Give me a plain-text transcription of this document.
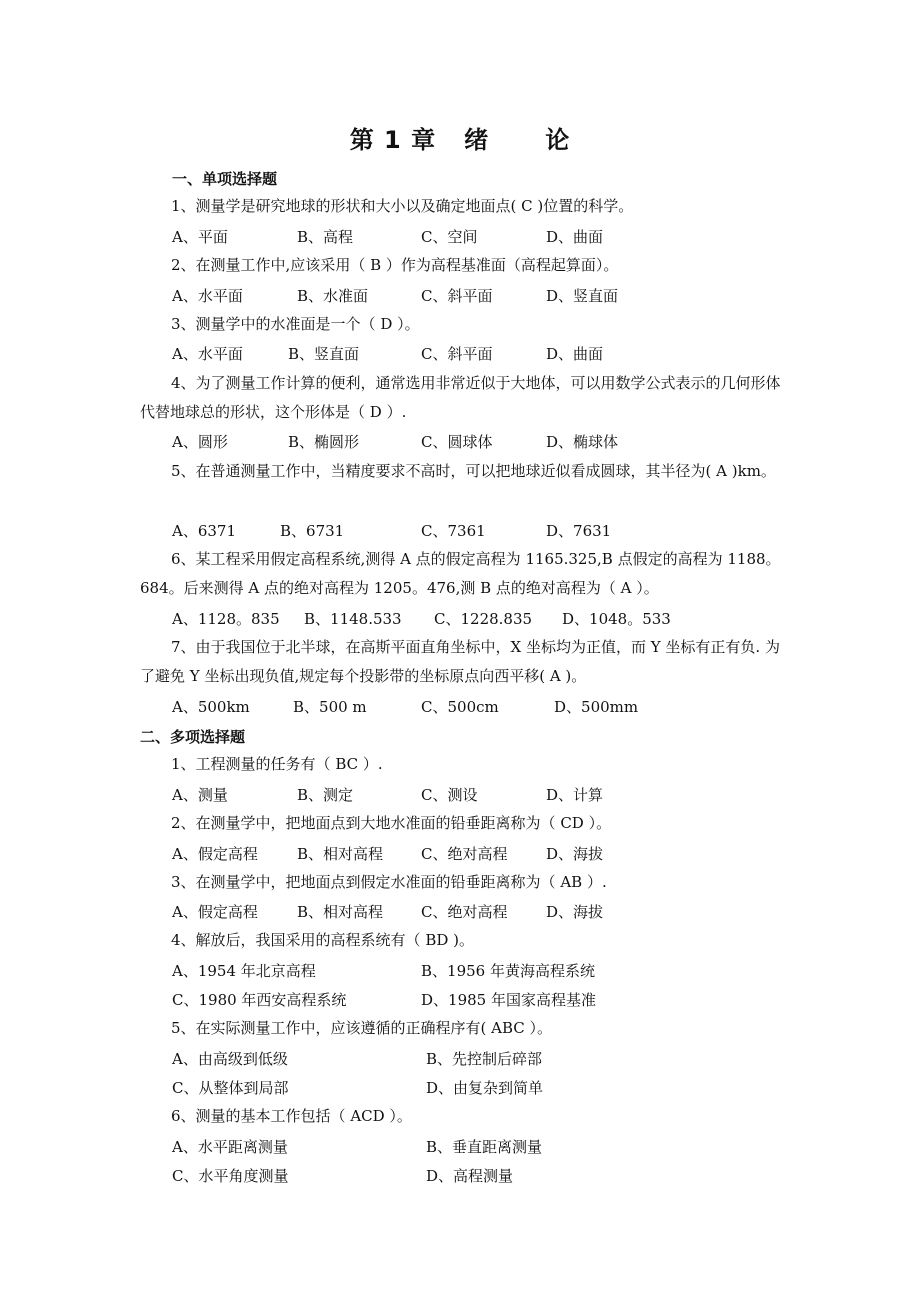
第 1 章   绪      论
一、单项选择题

1、测量学是研究地球的形状和大小以及确定地面点( C )位置的科学。

A、平面	B、高程	C、空间	D、曲面

2、在测量工作中,应该采用（ B ）作为高程基准面（高程起算面）。

A、水平面	B、水准面	C、斜平面	D、竖直面

3、测量学中的水准面是一个（ D ）。

A、水平面	B、竖直面	C、斜平面	D、曲面

4、为了测量工作计算的便利，通常选用非常近似于大地体，可以用数学公式表示的几何形体代替地球总的形状，这个形体是（ D ）.

A、圆形	B、椭圆形	C、圆球体	D、椭球体

5、在普通测量工作中，当精度要求不高时，可以把地球近似看成圆球，其半径为( A )km。

A、6371	B、6731	C、7361	D、7631

6、某工程采用假定高程系统,测得 A 点的假定高程为 1165.325,B 点假定的高程为 1188。684。后来测得 A 点的绝对高程为 1205。476,测 B 点的绝对高程为（ A ）。

A、1128。835 B、1148.533 C、1228.835 D、1048。533

7、由于我国位于北半球，在高斯平面直角坐标中，X 坐标均为正值，而 Y 坐标有正有负. 为了避免 Y 坐标出现负值,规定每个投影带的坐标原点向西平移( A )。

A、500km	B、500 m	C、500cm	D、500mm
二、多项选择题

1、工程测量的任务有（ BC ）.

A、测量	B、测定	C、测设	D、计算

2、在测量学中，把地面点到大地水准面的铅垂距离称为（ CD ）。

A、假定高程	B、相对高程	C、绝对高程	D、海拔

3、在测量学中，把地面点到假定水准面的铅垂距离称为（ AB ）.

A、假定高程	B、相对高程	C、绝对高程	D、海拔

4、解放后，我国采用的高程系统有（ BD )。

A、1954 年北京高程	B、1956 年黄海高程系统
C、1980 年西安高程系统	D、1985 年国家高程基准

5、在实际测量工作中，应该遵循的正确程序有( ABC ）。

A、由高级到低级	B、先控制后碎部
C、从整体到局部	D、由复杂到简单

6、测量的基本工作包括（ ACD ）。

A、水平距离测量	B、垂直距离测量
C、水平角度测量	D、高程测量
